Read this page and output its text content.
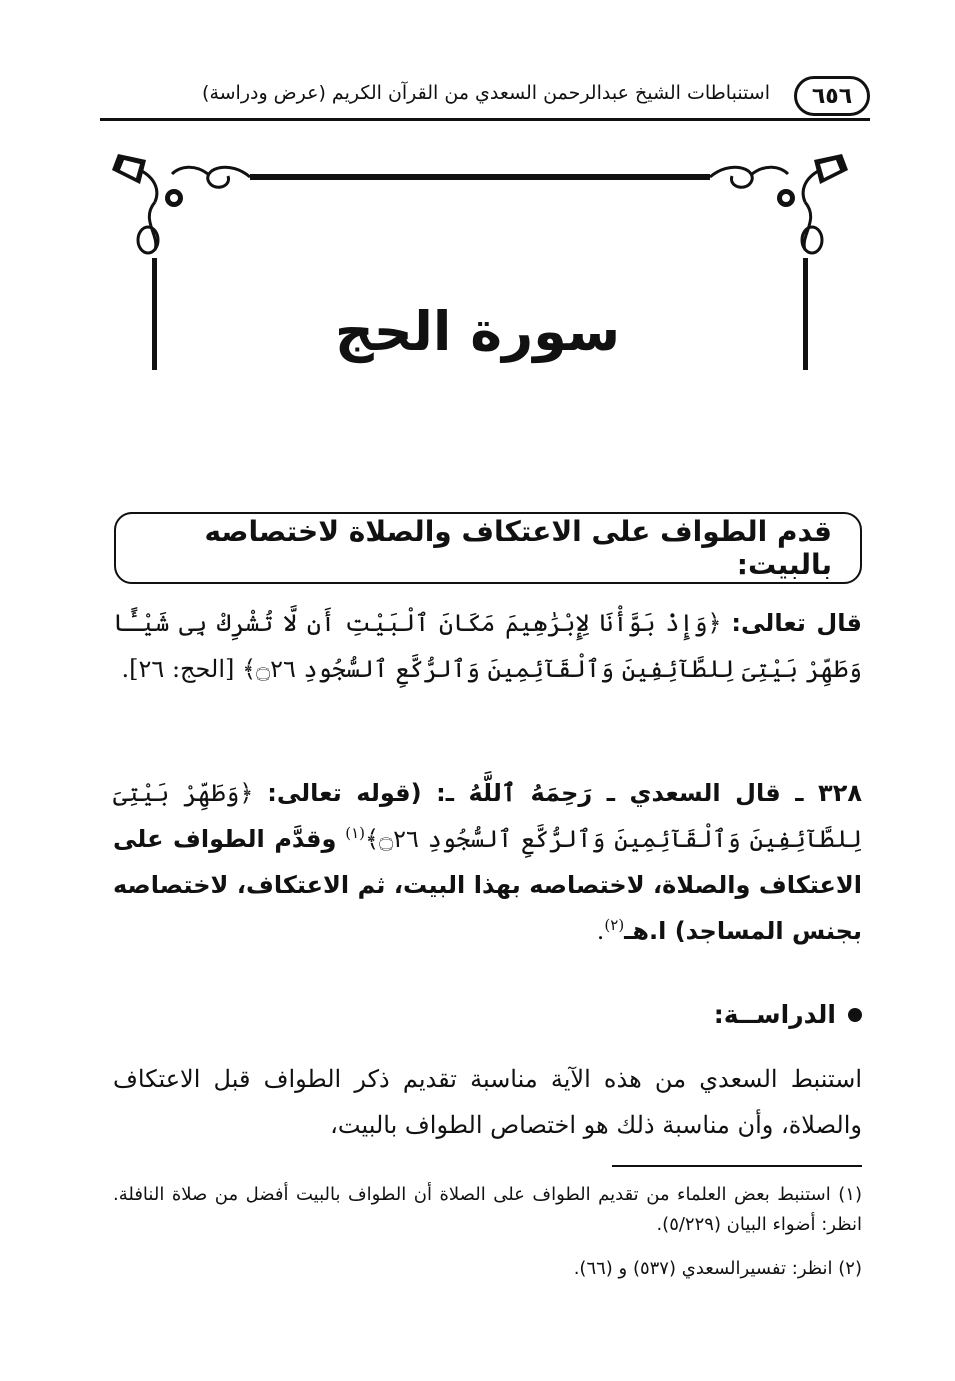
٦٥٦
استنباطات الشيخ عبدالرحمن السعدي من القرآن الكريم (عرض ودراسة)
سورة الحج
قدم الطواف على الاعتكاف والصلاة لاختصاصه بالبيت:
قال تعالى: ﴿وَإِذْ بَوَّأْنَا لِإِبْرَٰهِيمَ مَكَانَ ٱلْبَيْتِ أَن لَّا تُشْرِكْ بِى شَيْـًٔا وَطَهِّرْ بَيْتِىَ لِلطَّآئِفِينَ وَٱلْقَآئِمِينَ وَٱلرُّكَّعِ ٱلسُّجُودِ ۝٢٦﴾ [الحج: ٢٦].
٣٢٨ ـ قال السعدي ـ رَحِمَهُ ٱللَّهُ ـ: (قوله تعالى: ﴿وَطَهِّرْ بَيْتِىَ لِلطَّآئِفِينَ وَٱلْقَآئِمِينَ وَٱلرُّكَّعِ ٱلسُّجُودِ ۝٢٦﴾$^{(١)}$ وقدَّم الطواف على الاعتكاف والصلاة، لاختصاصه بهذا البيت، ثم الاعتكاف، لاختصاصه بجنس المساجد) ا.هـ$^{(٢)}$.
الدراســة:
استنبط السعدي من هذه الآية مناسبة تقديم ذكر الطواف قبل الاعتكاف والصلاة، وأن مناسبة ذلك هو اختصاص الطواف بالبيت،
(١) استنبط بعض العلماء من تقديم الطواف على الصلاة أن الطواف بالبيت أفضل من صلاة النافلة. انظر: أضواء البيان (٥/٢٢٩).
(٢) انظر: تفسيرالسعدي (٥٣٧) و (٦٦).
